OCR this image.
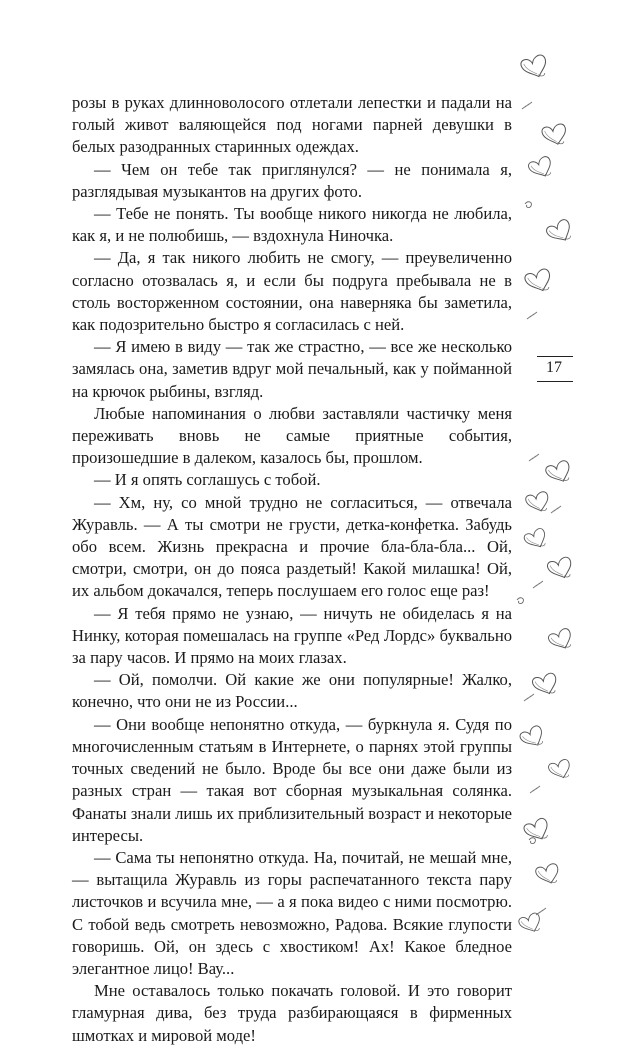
розы в руках длинноволосого отлетали лепестки и падали на голый живот валяющейся под ногами парней девушки в белых разодранных старинных одеждах.

— Чем он тебе так приглянулся? — не понимала я, разглядывая музыкантов на других фото.

— Тебе не понять. Ты вообще никого никогда не любила, как я, и не полюбишь, — вздохнула Ниночка.

— Да, я так никого любить не смогу, — преувеличенно согласно отозвалась я, и если бы подруга пребывала не в столь восторженном состоянии, она наверняка бы заметила, как подозрительно быстро я согласилась с ней.

— Я имею в виду — так же страстно, — все же несколько замялась она, заметив вдруг мой печальный, как у пойманной на крючок рыбины, взгляд.

Любые напоминания о любви заставляли частичку меня переживать вновь не самые приятные события, произошедшие в далеком, казалось бы, прошлом.

— И я опять соглашусь с тобой.

— Хм, ну, со мной трудно не согласиться, — отвечала Журавль. — А ты смотри не грусти, детка-конфетка. Забудь обо всем. Жизнь прекрасна и прочие бла-бла-бла... Ой, смотри, смотри, он до пояса раздетый! Какой милашка! Ой, их альбом докачался, теперь послушаем его голос еще раз!

— Я тебя прямо не узнаю, — ничуть не обиделась я на Нинку, которая помешалась на группе «Ред Лордс» буквально за пару часов. И прямо на моих глазах.

— Ой, помолчи. Ой какие же они популярные! Жалко, конечно, что они не из России...

— Они вообще непонятно откуда, — буркнула я. Судя по многочисленным статьям в Интернете, о парнях этой группы точных сведений не было. Вроде бы все они даже были из разных стран — такая вот сборная музыкальная солянка. Фанаты знали лишь их приблизительный возраст и некоторые интересы.

— Сама ты непонятно откуда. На, почитай, не мешай мне, — вытащила Журавль из горы распечатанного текста пару листочков и всучила мне, — а я пока видео с ними посмотрю. С тобой ведь смотреть невозможно, Радова. Всякие глупости говоришь. Ой, он здесь с хвостиком! Ах! Какое бледное элегантное лицо! Вау...

Мне оставалось только покачать головой. И это говорит гламурная дива, без труда разбирающаяся в фирменных шмотках и мировой моде!

17
